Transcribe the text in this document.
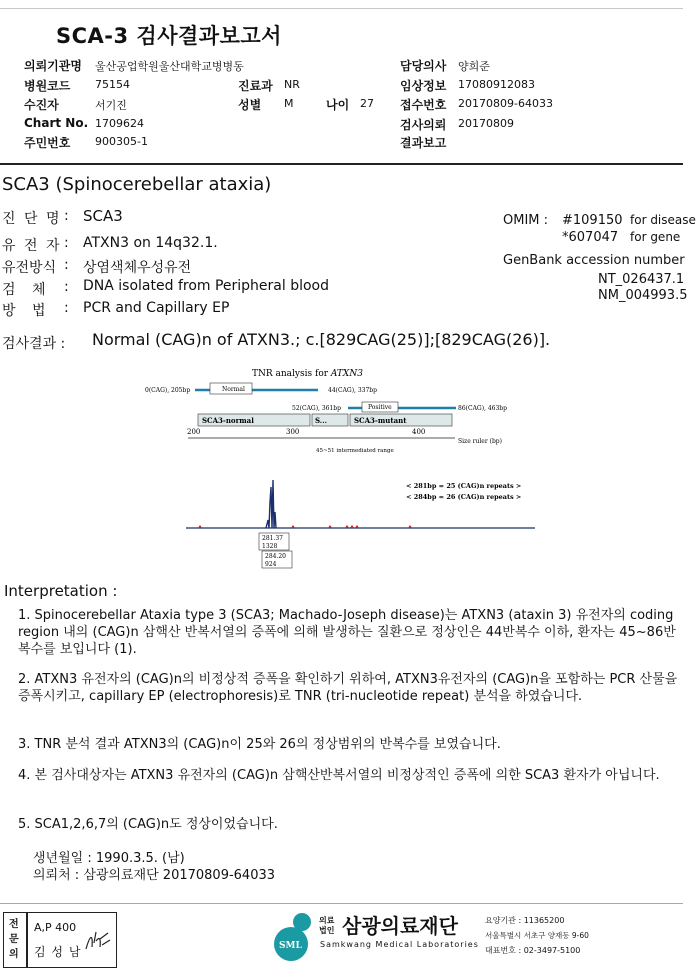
SCA-3 검사결과보고서
의뢰기관명 울산공업학원울산대학교병병동	담당의사 양희준
병원코드 75154	진료과 NR	임상정보 17080912083
수진자	서기진	성별 M	나이 27 접수번호 20170809-64033
Chart No. 1709624	검사의뢰 20170809
주민번호 900305-1	결과보고
SCA3 (Spinocerebellar ataxia)
진 단 명 : SCA3
유 전 자 : ATXN3 on 14q32.1.
유전방식 : 상염색체우성유전
검 체 : DNA isolated from Peripheral blood
방 법 : PCR and Capillary EP
OMIM : #109150 for disease
*607047 for gene
GenBank accession number
NT_026437.1
NM_004993.5
검사결과 : Normal (CAG)n of ATXN3.; c.[829CAG(25)];[829CAG(26)].
TNR analysis for ATXN3
0(CAG), 205bp	Normal	44(CAG), 337bp
52(CAG), 361bp	Positive	86(CAG), 463bp
SCA3-normal	S...	SCA3-mutant
200	300	400
Size ruler (bp)
45~51 intermediated range
< 281bp = 25 (CAG)n repeats >
< 284bp = 26 (CAG)n repeats >
281.37
1328
284.20
924
Interpretation :
1. Spinocerebellar Ataxia type 3 (SCA3; Machado-Joseph disease)는 ATXN3 (ataxin 3) 유전자의 coding region 내의 (CAG)n 삼핵산 반복서열의 증폭에 의해 발생하는 질환으로 정상인은 44반복수 이하, 환자는 45~86반복수를 보입니다 (1).
2. ATXN3 유전자의 (CAG)n의 비정상적 증폭을 확인하기 위하여, ATXN3유전자의 (CAG)n을 포함하는 PCR 산물을 증폭시키고, capillary EP (electrophoresis)로 TNR (tri-nucleotide repeat) 분석을 하였습니다.
3. TNR 분석 결과 ATXN3의 (CAG)n이 25와 26의 정상범위의 반복수를 보였습니다.
4. 본 검사대상자는 ATXN3 유전자의 (CAG)n 삼핵산반복서열의 비정상적인 증폭에 의한 SCA3 환자가 아닙니다.
5. SCA1,2,6,7의 (CAG)n도 정상이었습니다.
생년월일 : 1990.3.5. (남)
의뢰처 : 삼광의료재단 20170809-64033
전문의
A,P 400
김 성 남	SML
의료
법인 삼광의료재단
Samkwang Medical Laboratories
요양기관 : 11365200
서울특별시 서초구 양재동 9-60
대표번호 : 02-3497-5100
